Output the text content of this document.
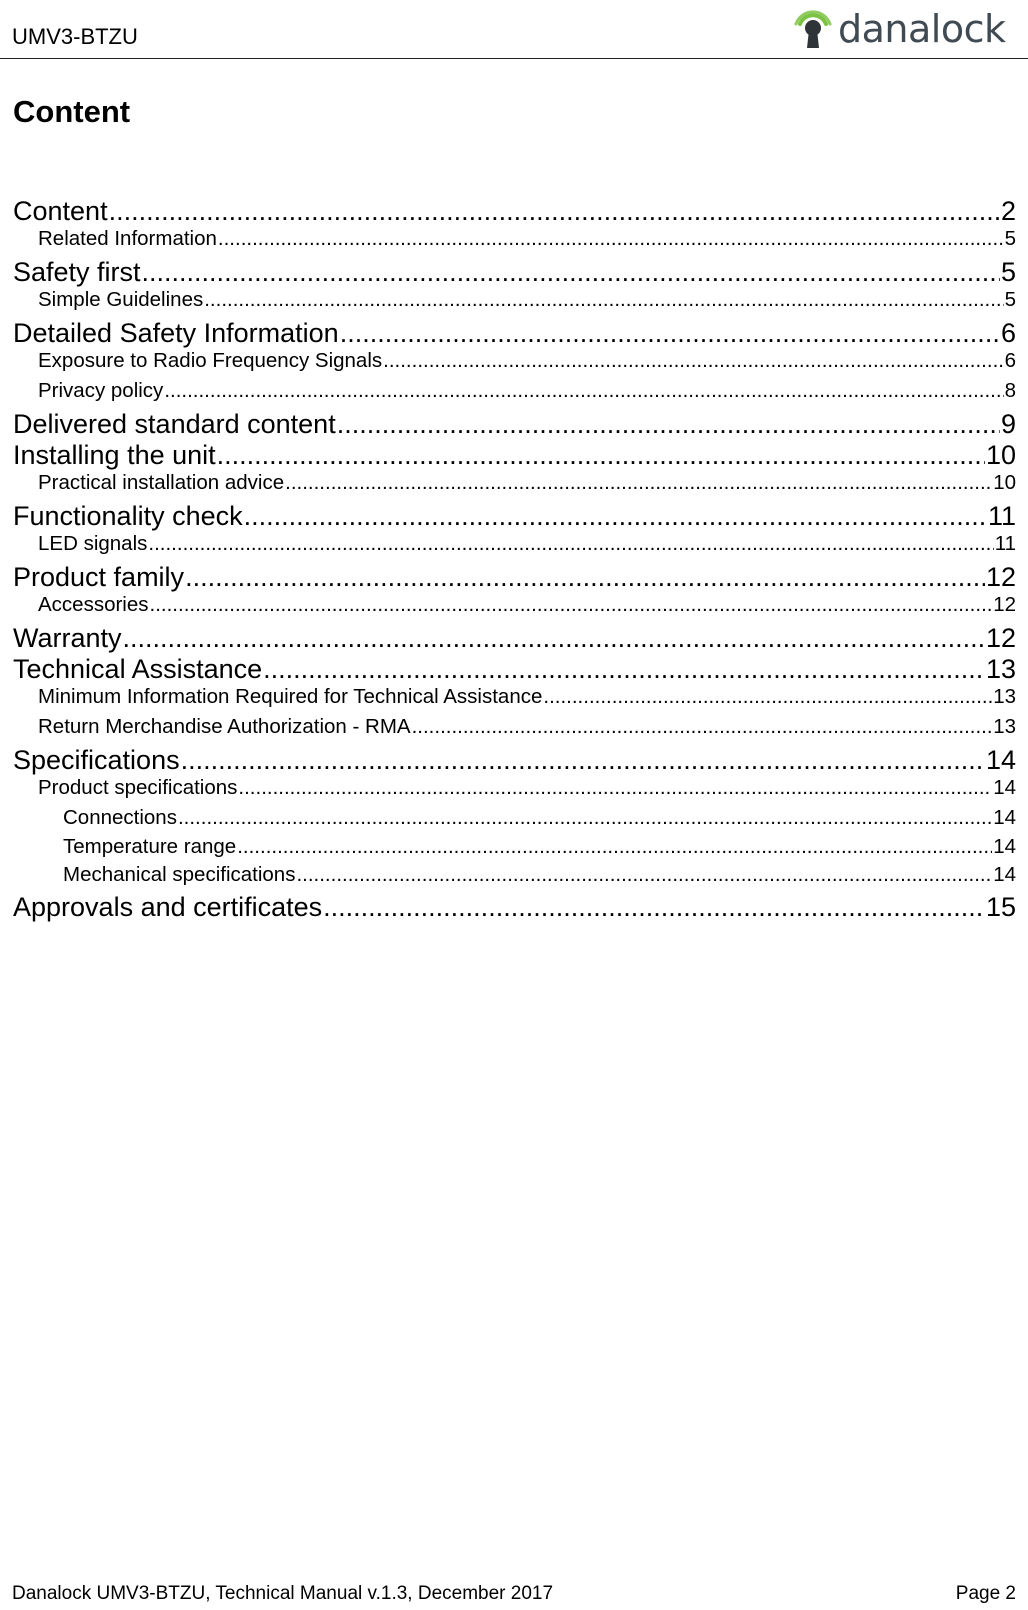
UMV3-BTZU	danalock
Content
Content .....	2
Related Information .....	5
Safety first .....	5
Simple Guidelines .....	5
Detailed Safety Information .....	6
Exposure to Radio Frequency Signals .....	6
Privacy policy .....	8
Delivered standard content .....	9
Installing the unit .....	10
Practical installation advice .....	10
Functionality check .....	11
LED signals .....	11
Product family .....	12
Accessories .....	12
Warranty .....	12
Technical Assistance .....	13
Minimum Information Required for Technical Assistance .....	13
Return Merchandise Authorization - RMA .....	13
Specifications .....	14
Product specifications .....	14
Connections .....	14
Temperature range .....	14
Mechanical specifications .....	14
Approvals and certificates .....	15
Danalock UMV3-BTZU, Technical Manual v.1.3, December 2017	Page 2
